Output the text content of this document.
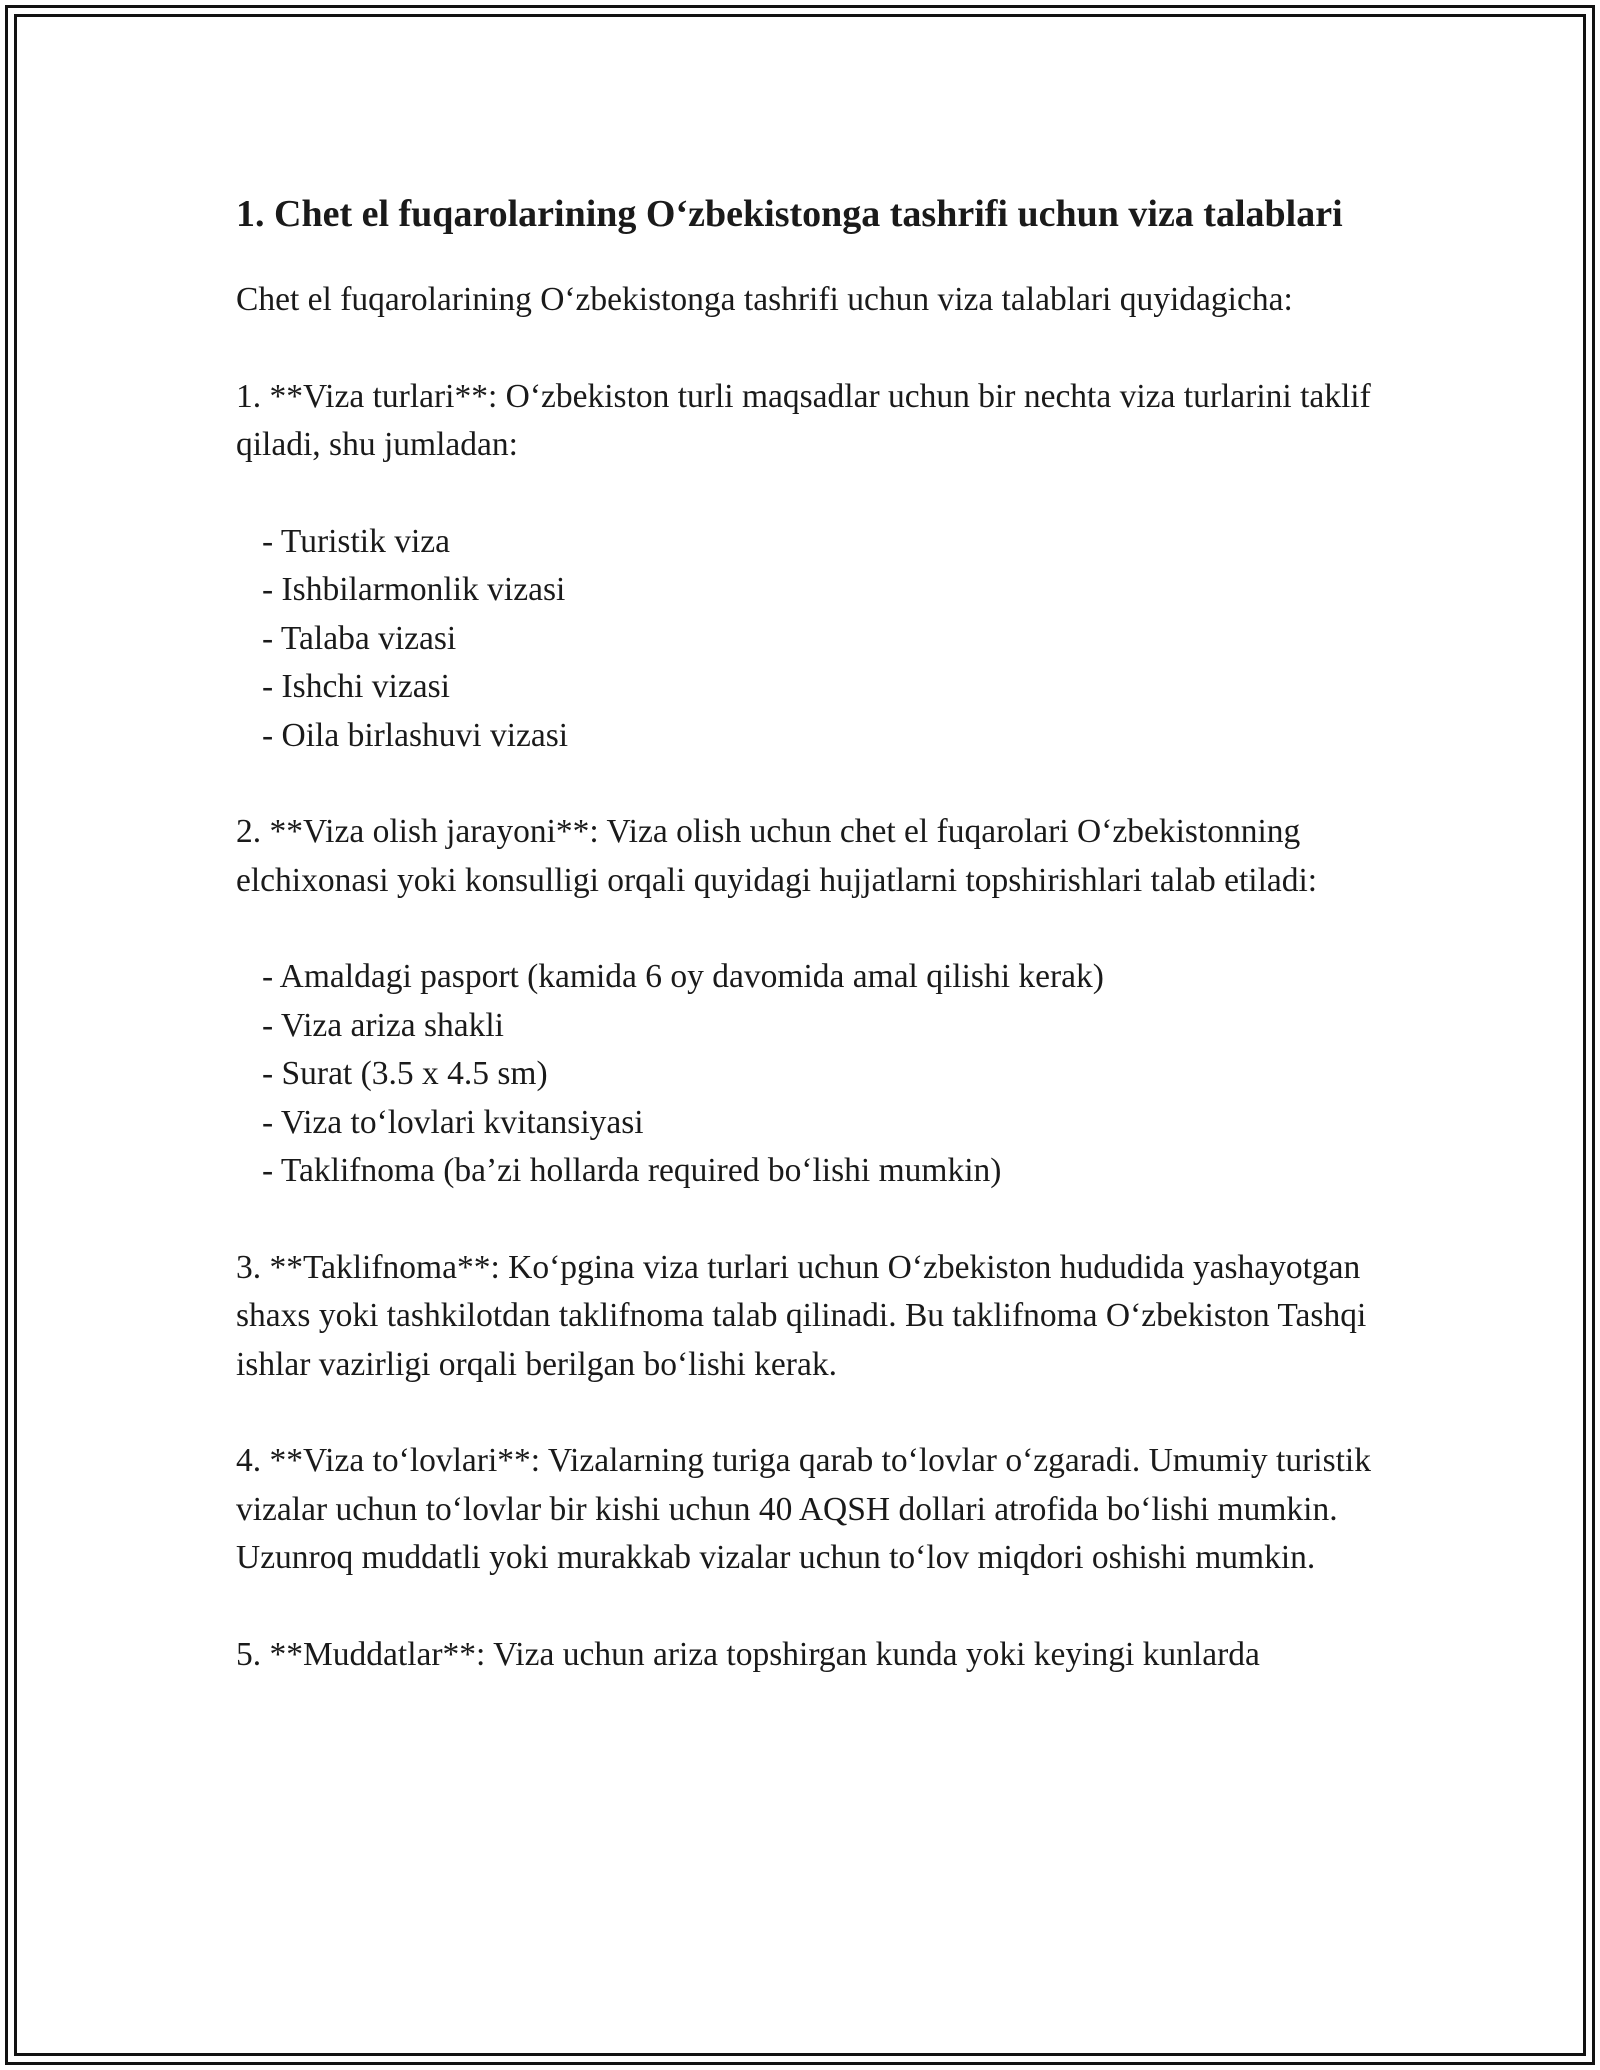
1. Chet el fuqarolarining O‘zbekistonga tashrifi uchun viza talablari

Chet el fuqarolarining O‘zbekistonga tashrifi uchun viza talablari quyidagicha:

1. **Viza turlari**: O‘zbekiston turli maqsadlar uchun bir nechta viza turlarini taklif qiladi, shu jumladan:

- Turistik viza
- Ishbilarmonlik vizasi
- Talaba vizasi
- Ishchi vizasi
- Oila birlashuvi vizasi

2. **Viza olish jarayoni**: Viza olish uchun chet el fuqarolari O‘zbekistonning elchixonasi yoki konsulligi orqali quyidagi hujjatlarni topshirishlari talab etiladi:

- Amaldagi pasport (kamida 6 oy davomida amal qilishi kerak)
- Viza ariza shakli
- Surat (3.5 x 4.5 sm)
- Viza to‘lovlari kvitansiyasi
- Taklifnoma (ba’zi hollarda required bo‘lishi mumkin)

3. **Taklifnoma**: Ko‘pgina viza turlari uchun O‘zbekiston hududida yashayotgan shaxs yoki tashkilotdan taklifnoma talab qilinadi. Bu taklifnoma O‘zbekiston Tashqi ishlar vazirligi orqali berilgan bo‘lishi kerak.

4. **Viza to‘lovlari**: Vizalarning turiga qarab to‘lovlar o‘zgaradi. Umumiy turistik vizalar uchun to‘lovlar bir kishi uchun 40 AQSH dollari atrofida bo‘lishi mumkin. Uzunroq muddatli yoki murakkab vizalar uchun to‘lov miqdori oshishi mumkin.

5. **Muddatlar**: Viza uchun ariza topshirgan kunda yoki keyingi kunlarda
